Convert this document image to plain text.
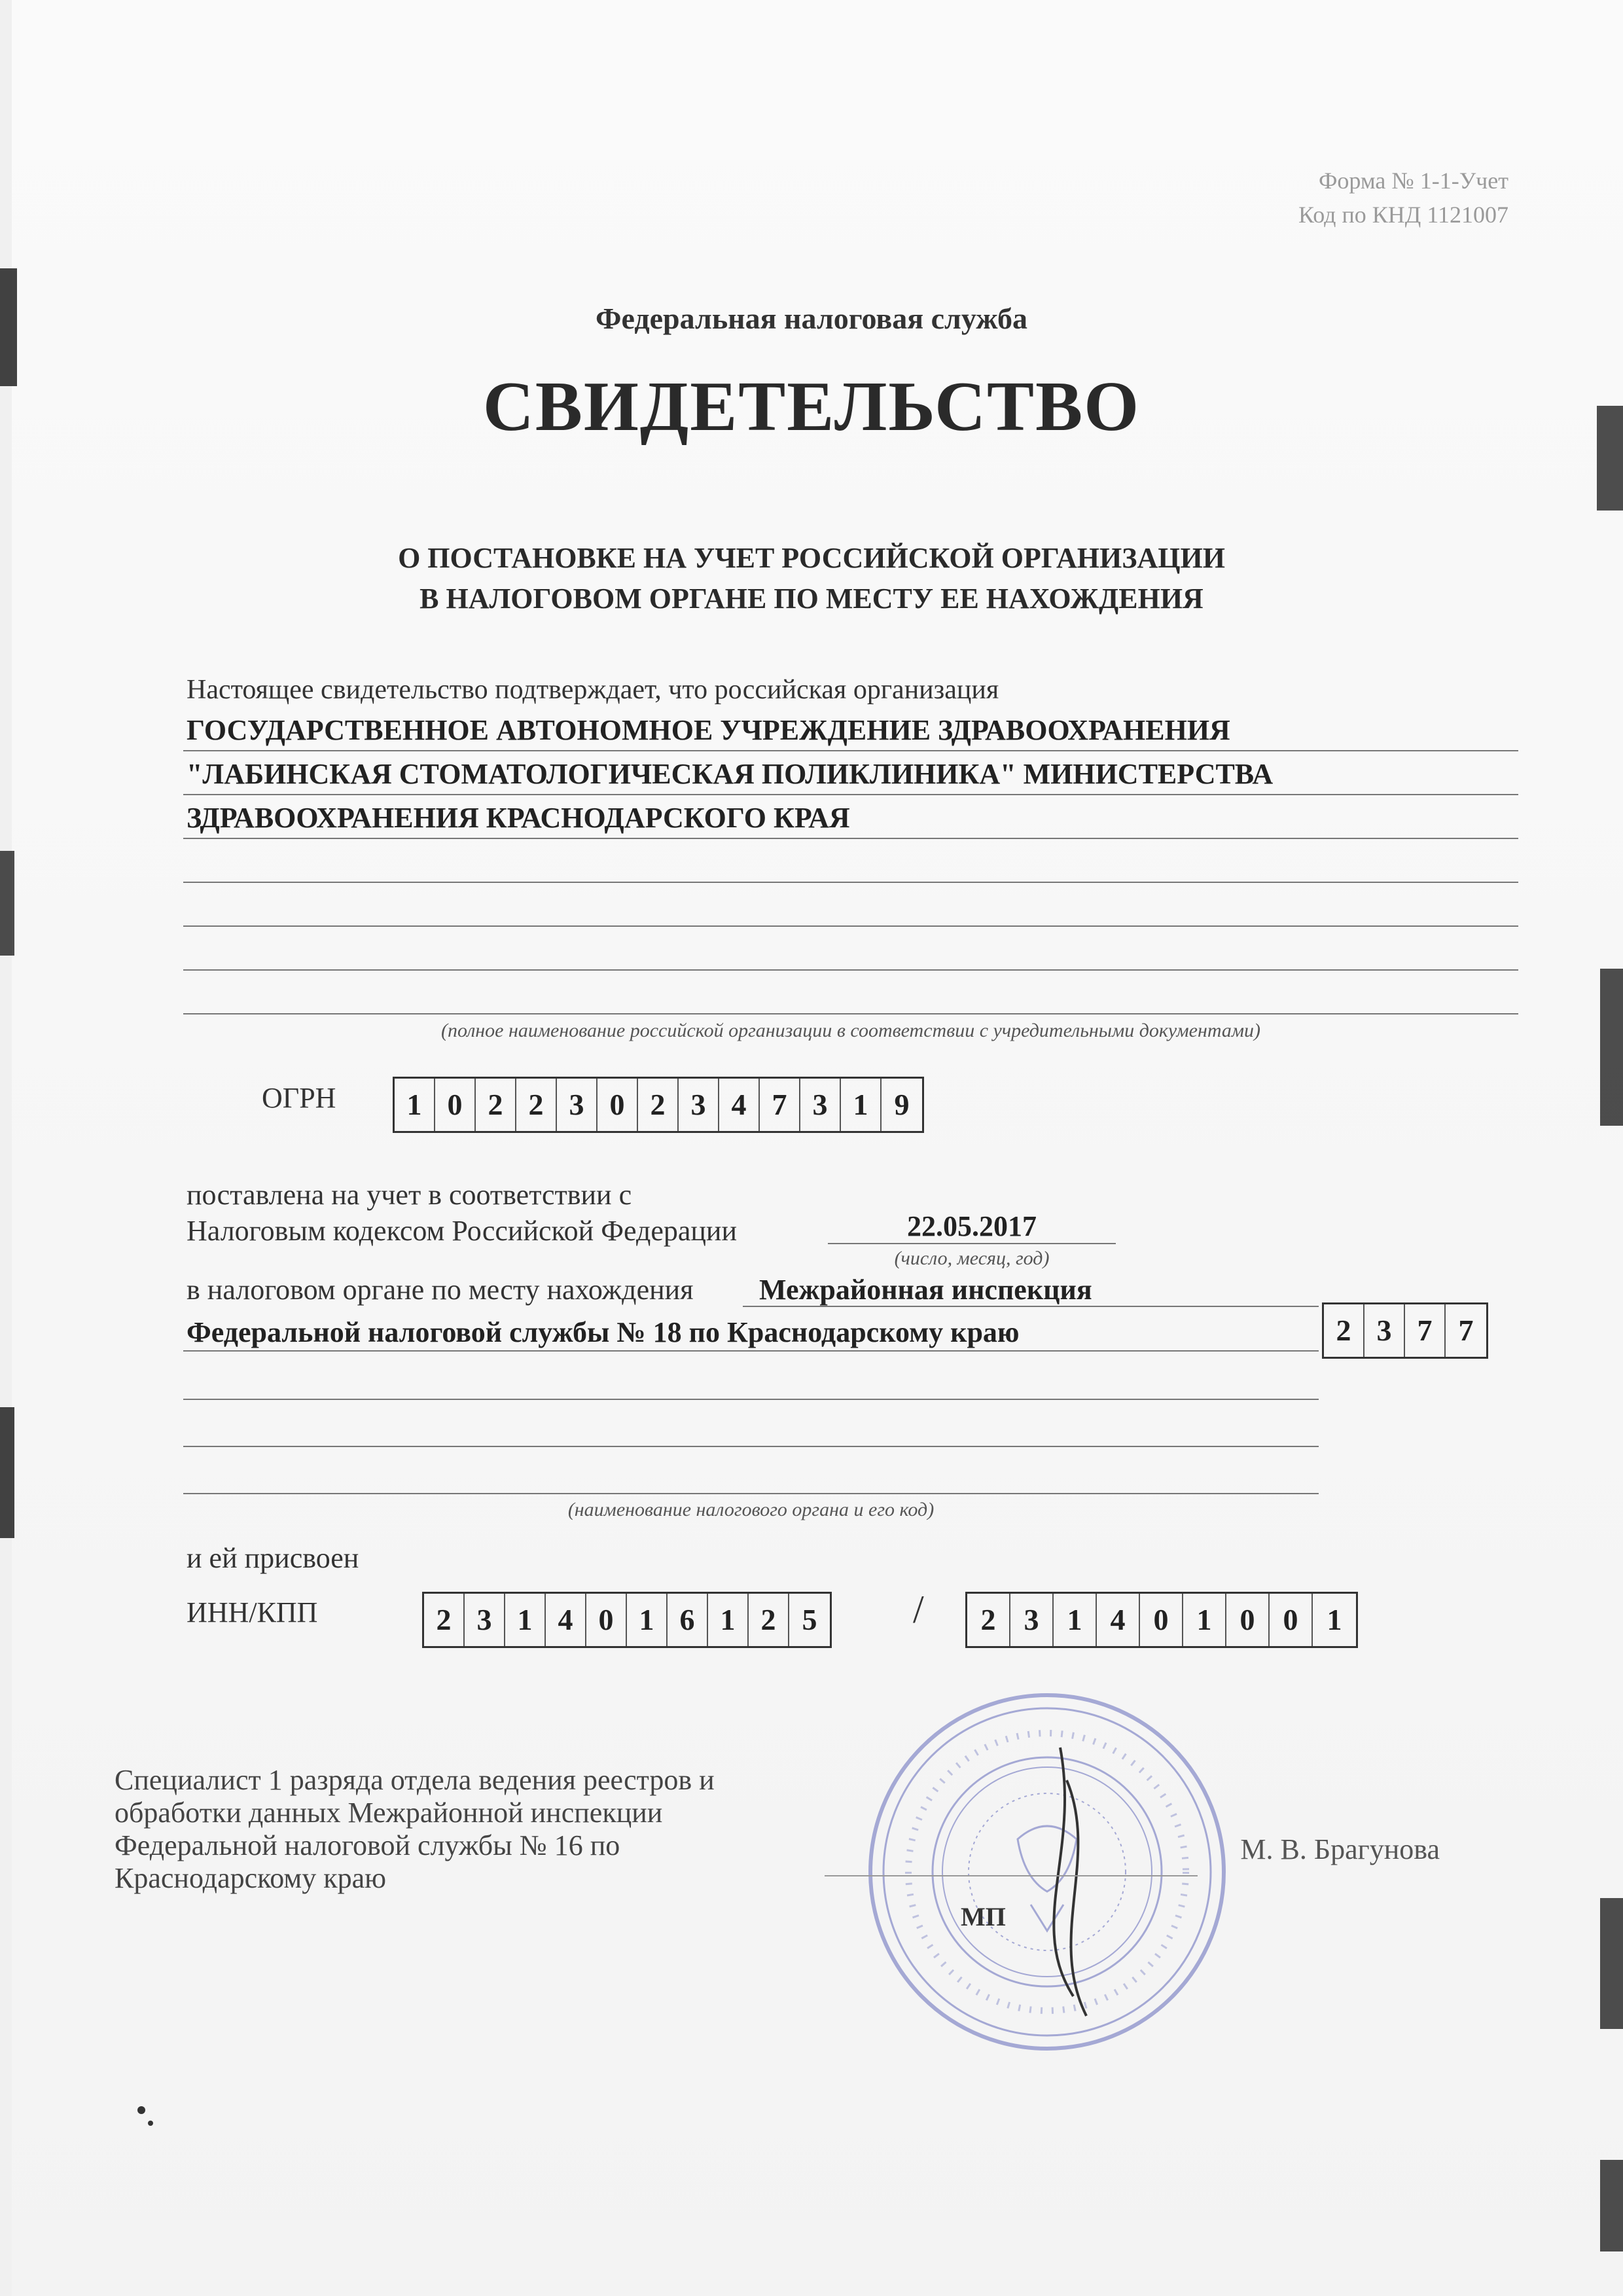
Форма № 1-1-Учет
Код по КНД 1121007
Федеральная налоговая служба
СВИДЕТЕЛЬСТВО
О ПОСТАНОВКЕ НА УЧЕТ РОССИЙСКОЙ ОРГАНИЗАЦИИ
В НАЛОГОВОМ ОРГАНЕ ПО МЕСТУ ЕЕ НАХОЖДЕНИЯ
Настоящее свидетельство подтверждает, что российская организация
ГОСУДАРСТВЕННОЕ АВТОНОМНОЕ УЧРЕЖДЕНИЕ ЗДРАВООХРАНЕНИЯ
"ЛАБИНСКАЯ СТОМАТОЛОГИЧЕСКАЯ ПОЛИКЛИНИКА" МИНИСТЕРСТВА
ЗДРАВООХРАНЕНИЯ КРАСНОДАРСКОГО КРАЯ
(полное наименование российской организации в соответствии с учредительными документами)
ОГРН	1 0 2 2 3 0 2 3 4 7 3 1 9
поставлена на учет в соответствии с
Налоговым кодексом Российской Федерации	22.05.2017
(число, месяц, год)
в налоговом органе по месту нахождения Межрайонная инспекция
Федеральной налоговой службы № 18 по Краснодарскому краю	2 3 7 7
(наименование налогового органа и его код)
и ей присвоен
ИНН/КПП	2 3 1 4 0 1 6 1 2 5	/	2 3 1 4 0 1 0 0 1
Специалист 1 разряда отдела ведения реестров и
обработки данных Межрайонной инспекции
Федеральной налоговой службы № 16 по
Краснодарскому краю
МП
М. В. Брагунова
